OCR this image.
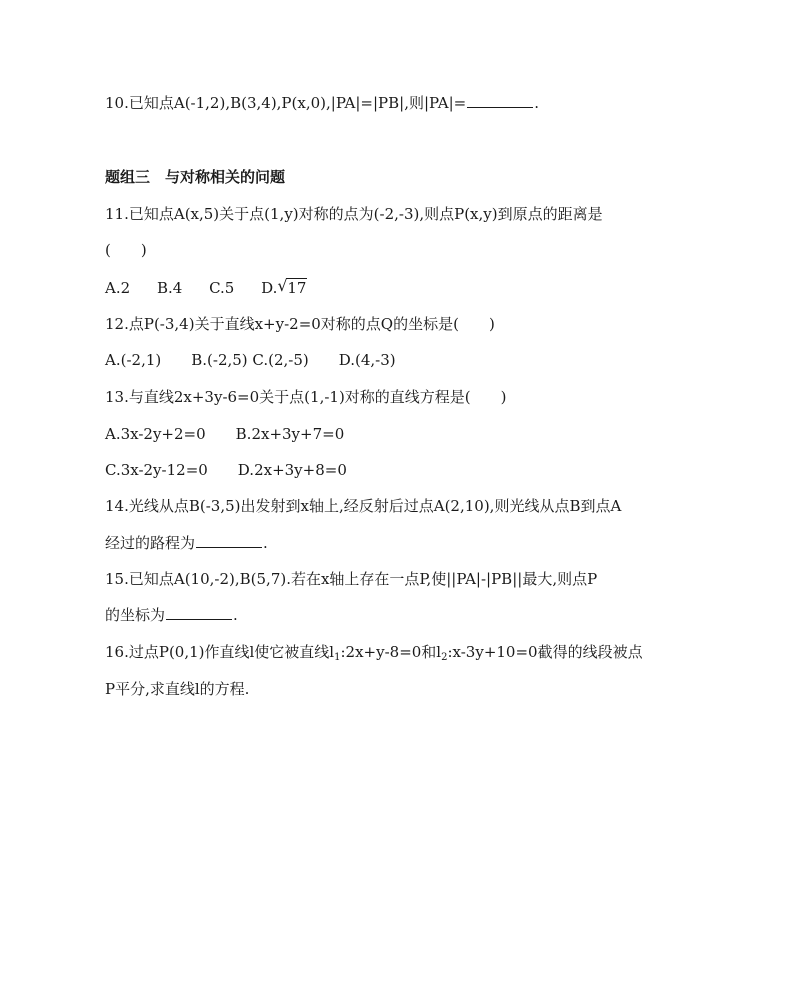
10.已知点A(-1,2),B(3,4),P(x,0),|PA|=|PB|,则|PA|=	.
题组三　与对称相关的问题
11.已知点A(x,5)关于点(1,y)对称的点为(-2,-3),则点P(x,y)到原点的距离是
( )
A.2 B.4 C.5 D. √ 17
12.点P(-3,4)关于直线x+y-2=0对称的点Q的坐标是( )
A.(-2,1)　　B.(-2,5) C.(2,-5)　　D.(4,-3)
13.与直线2x+3y-6=0关于点(1,-1)对称的直线方程是( )
A.3x-2y+2=0　　B.2x+3y+7=0
C.3x-2y-12=0　　D.2x+3y+8=0
14.光线从点B(-3,5)出发射到x轴上,经反射后过点A(2,10),则光线从点B到点A
经过的路程为	.
15.已知点A(10,-2),B(5,7).若在x轴上存在一点P,使||PA|-|PB||最大,则点P
的坐标为	.
16.过点P(0,1)作直线l使它被直线$l_1:2x+y-8=0$和$l_2:x-3y+10=0$截得的线段被点
P平分,求直线l的方程.
